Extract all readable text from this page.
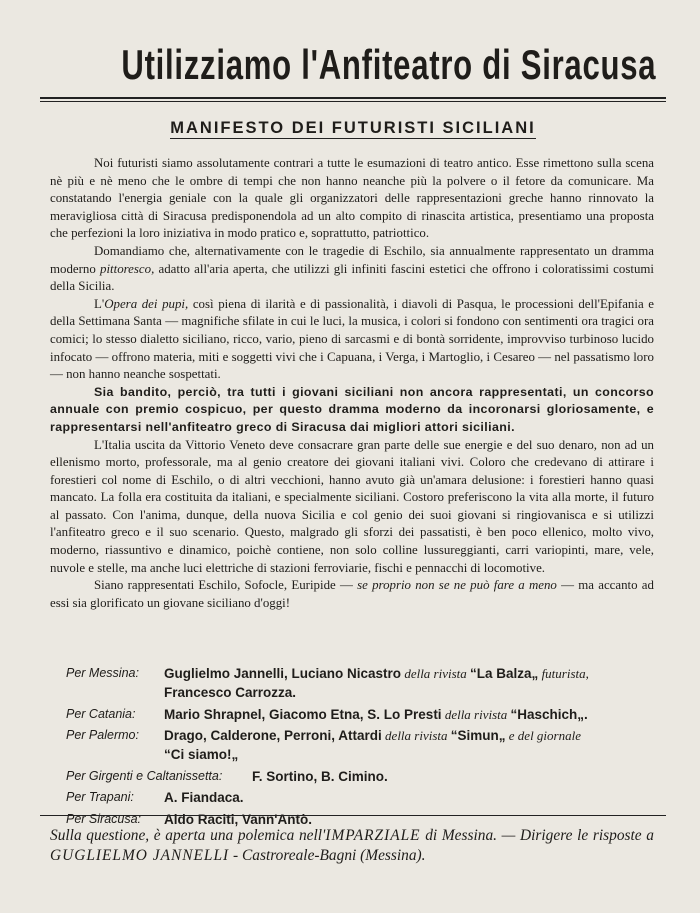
Utilizziamo l'Anfiteatro di Siracusa
MANIFESTO DEI FUTURISTI SICILIANI

Noi futuristi siamo assolutamente contrari a tutte le esumazioni di teatro antico. Esse rimettono sulla scena nè più e nè meno che le ombre di tempi che non hanno neanche più la polvere o il fetore da comunicare. Ma constatando l'energia geniale con la quale gli organizzatori delle rappresentazioni greche hanno rinnovato la meravigliosa città di Siracusa predisponendola ad un alto compito di rinascita artistica, presentiamo una proposta che perfezioni la loro iniziativa in modo pratico e, soprattutto, patriottico.

Domandiamo che, alternativamente con le tragedie di Eschilo, sia annualmente rappresentato un dramma moderno pittoresco, adatto all'aria aperta, che utilizzi gli infiniti fascini estetici che offrono i coloratissimi costumi della Sicilia.

L'Opera dei pupi, così piena di ilarità e di passionalità, i diavoli di Pasqua, le processioni dell'Epifania e della Settimana Santa — magnifiche sfilate in cui le luci, la musica, i colori si fondono con sentimenti ora tragici ora comici; lo stesso dialetto siciliano, ricco, vario, pieno di sarcasmi e di bontà sorridente, improvviso turbinoso lucido infocato — offrono materia, miti e soggetti vivi che i Capuana, i Verga, i Martoglio, i Cesareo — nel passatismo loro — non hanno neanche sospettati.

Sia bandito, perciò, tra tutti i giovani siciliani non ancora rappresentati, un concorso annuale con premio cospicuo, per questo dramma moderno da incoronarsi gloriosamente, e rappresentarsi nell'anfiteatro greco di Siracusa dai migliori attori siciliani.

L'Italia uscita da Vittorio Veneto deve consacrare gran parte delle sue energie e del suo denaro, non ad un ellenismo morto, professorale, ma al genio creatore dei giovani italiani vivi. Coloro che credevano di attirare i forestieri col nome di Eschilo, o di altri vecchioni, hanno avuto già un'amara delusione: i forestieri hanno quasi mancato. La folla era costituita da italiani, e specialmente siciliani. Costoro preferiscono la vita alla morte, il futuro al passato. Con l'anima, dunque, della nuova Sicilia e col genio dei suoi giovani si ringiovanisca e si utilizzi l'anfiteatro greco e il suo scenario. Questo, malgrado gli sforzi dei passatisti, è ben poco ellenico, molto vivo, moderno, riassuntivo e dinamico, poichè contiene, non solo colline lussureggianti, carri variopinti, mare, vele, nuvole e stelle, ma anche luci elettriche di stazioni ferroviarie, fischi e pennacchi di locomotive.

Siano rappresentati Eschilo, Sofocle, Euripide — se proprio non se ne può fare a meno — ma accanto ad essi sia glorificato un giovane siciliano d'oggi!

Per Messina:	Guglielmo Jannelli, Luciano Nicastro della rivista “La Balza„ futurista,
Francesco Carrozza.
Per Catania:	Mario Shrapnel, Giacomo Etna, S. Lo Presti della rivista “Haschich„.
Per Palermo:	Drago, Calderone, Perroni, Attardi della rivista “Simun„ e del giornale
“Ci siamo!„
Per Girgenti e Caltanissetta:	F. Sortino, B. Cimino.
Per Trapani:	A. Fiandaca.
Per Siracusa:	Aldo Raciti, Vann'Antò.
Sulla questione, è aperta una polemica nell'IMPARZIALE di Messina. — Dirigere le risposte a GUGLIELMO JANNELLI - Castroreale-Bagni (Messina).
